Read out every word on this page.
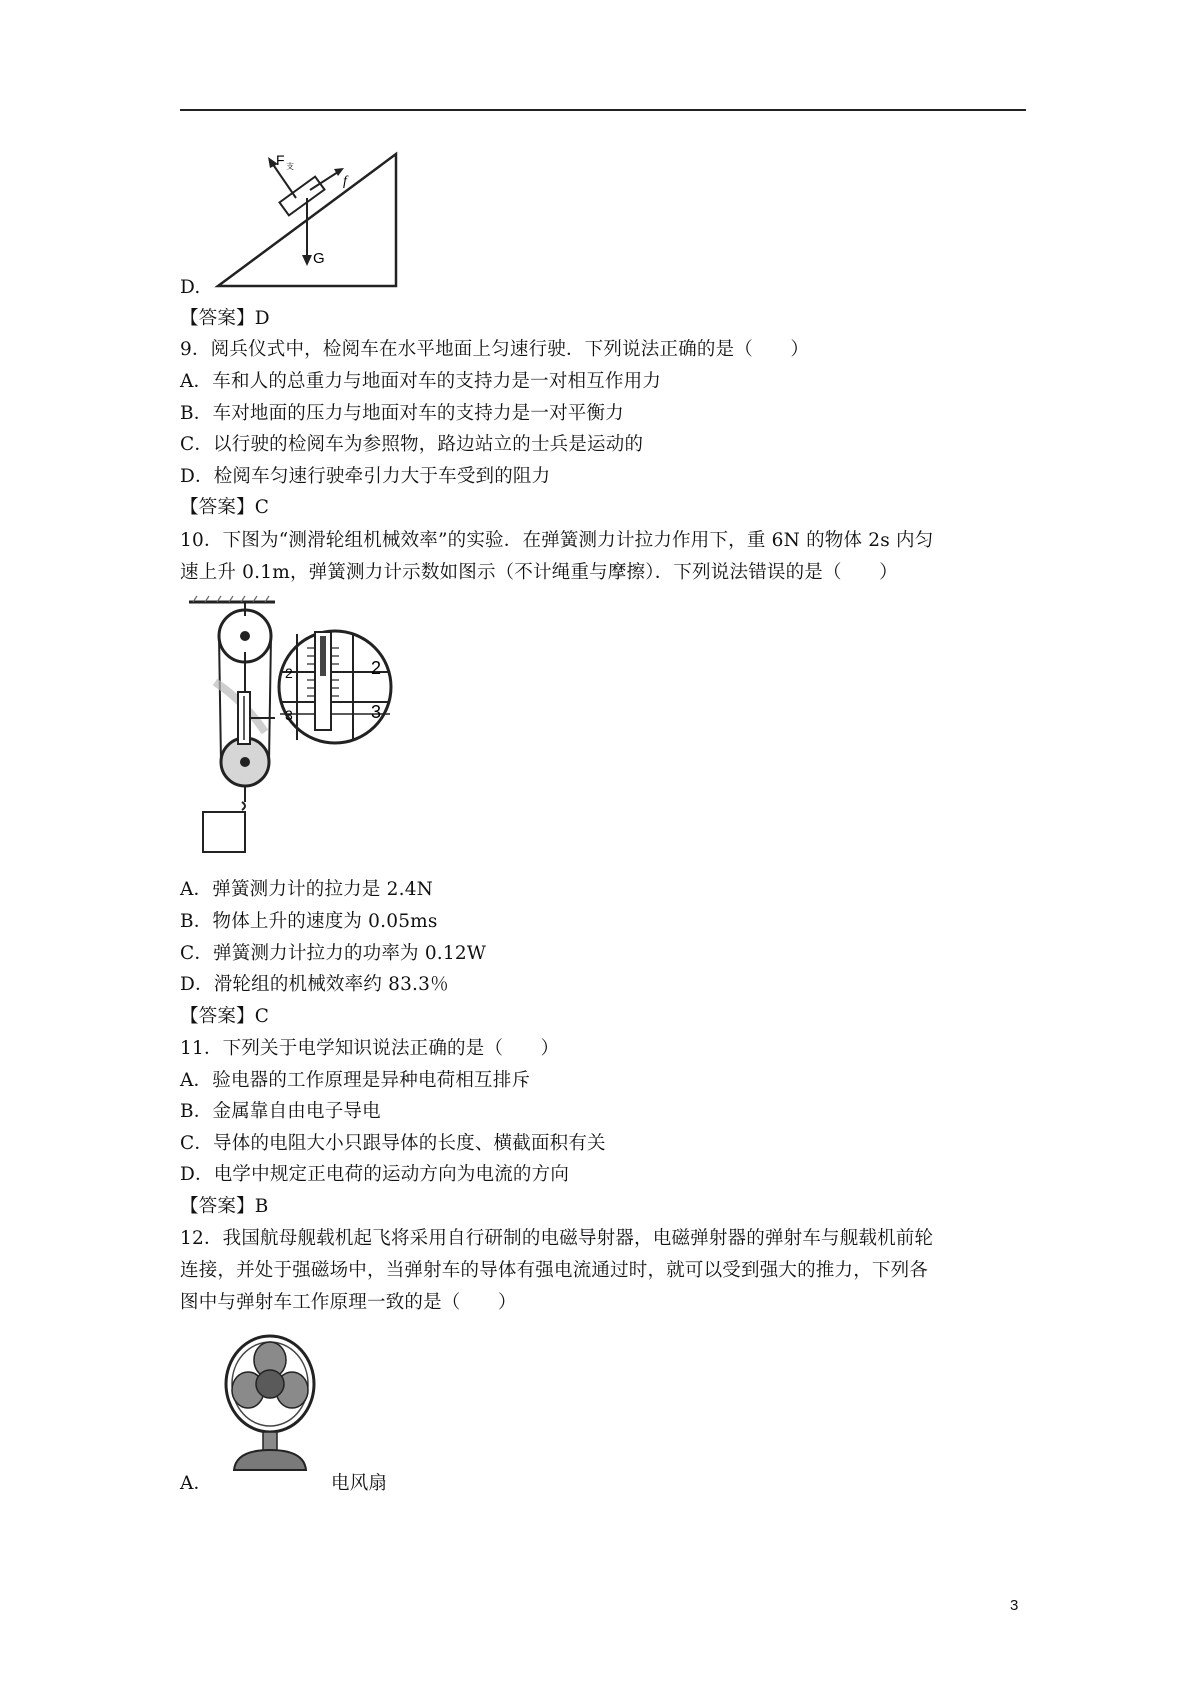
F 支
f
G
D.
【答案】D
9．阅兵仪式中，检阅车在水平地面上匀速行驶．下列说法正确的是（　　）
A．车和人的总重力与地面对车的支持力是一对相互作用力
B．车对地面的压力与地面对车的支持力是一对平衡力
C．以行驶的检阅车为参照物，路边站立的士兵是运动的
D．检阅车匀速行驶牵引力大于车受到的阻力
【答案】C
10．下图为“测滑轮组机械效率”的实验．在弹簧测力计拉力作用下，重 6N 的物体 2s 内匀
速上升 0.1m，弹簧测力计示数如图示（不计绳重与摩擦）．下列说法错误的是（　　）
2
3
2
3
A．弹簧测力计的拉力是 2.4N
B．物体上升的速度为 0.05ms
C．弹簧测力计拉力的功率为 0.12W
D．滑轮组的机械效率约 83.3％
【答案】C
11．下列关于电学知识说法正确的是（　　）
A．验电器的工作原理是异种电荷相互排斥
B．金属靠自由电子导电
C．导体的电阻大小只跟导体的长度、横截面积有关
D．电学中规定正电荷的运动方向为电流的方向
【答案】B
12．我国航母舰载机起飞将采用自行研制的电磁导射器，电磁弹射器的弹射车与舰载机前轮
连接，并处于强磁场中，当弹射车的导体有强电流通过时，就可以受到强大的推力，下列各
图中与弹射车工作原理一致的是（　　）
A．	电风扇
3
